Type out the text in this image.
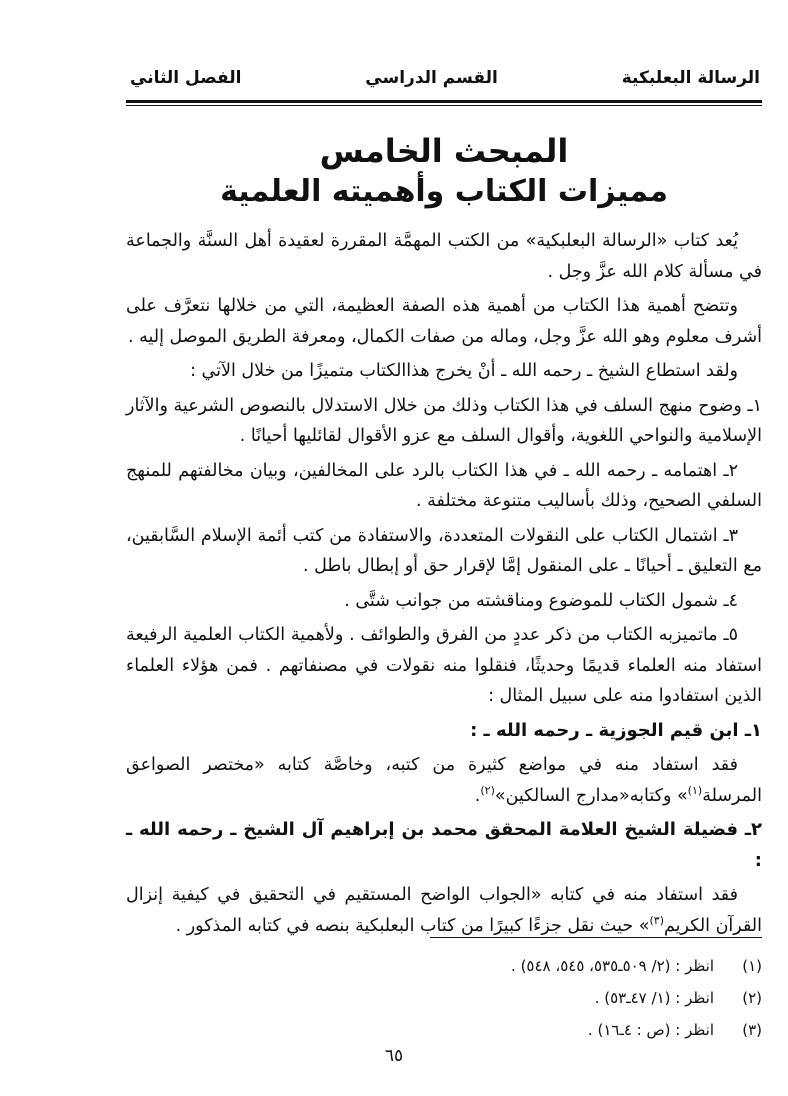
الرسالة البعلبكية
القسم الدراسي
الفصل الثاني
المبحث الخامس
مميزات الكتاب وأهميته العلمية

يُعد كتاب «الرسالة البعلبكية» من الكتب المهمَّة المقررة لعقيدة أهل السنَّة والجماعة في مسألة كلام الله عزَّ وجل .

وتتضح أهمية هذا الكتاب من أهمية هذه الصفة العظيمة، التي من خلالها نتعرَّف على أشرف معلوم وهو الله عزَّ وجل، وماله من صفات الكمال، ومعرفة الطريق الموصل إليه .

ولقد استطاع الشيخ ـ رحمه الله ـ أنْ يخرج هذاالكتاب متميزًا من خلال الآتي :

١ـ وضوح منهج السلف في هذا الكتاب وذلك من خلال الاستدلال بالنصوص الشرعية والآثار الإسلامية والنواحي اللغوية، وأقوال السلف مع عزو الأقوال لقائليها أحيانًا .

٢ـ اهتمامه ـ رحمه الله ـ في هذا الكتاب بالرد على المخالفين، وبيان مخالفتهم للمنهج السلفي الصحيح، وذلك بأساليب متنوعة مختلفة .

٣ـ اشتمال الكتاب على النقولات المتعددة، والاستفادة من كتب أئمة الإسلام السَّابقين، مع التعليق ـ أحيانًا ـ على المنقول إمَّا لإقرار حق أو إبطال باطل .

٤ـ شمول الكتاب للموضوع ومناقشته من جوانب شتَّى .

٥ـ ماتميزبه الكتاب من ذكر عددٍ من الفرق والطوائف . ولأهمية الكتاب العلمية الرفيعة استفاد منه العلماء قديمًا وحديثًا، فنقلوا منه نقولات في مصنفاتهم . فمن هؤلاء العلماء الذين استفادوا منه على سبيل المثال :

١ـ ابن قيم الجوزية ـ رحمه الله ـ :

فقد استفاد منه في مواضع كثيرة من كتبه، وخاصَّة كتابه «مختصر الصواعق المرسلة$^{(١)}$» وكتابه«مدارج السالكين»$^{(٢)}$.

٢ـ فضيلة الشيخ العلامة المحقق محمد بن إبراهيم آل الشيخ ـ رحمه الله ـ :

فقد استفاد منه في كتابه «الجواب الواضح المستقيم في التحقيق في كيفية إنزال القرآن الكريم$^{(٣)}$» حيث نقل جزءًا كبيرًا من كتاب البعلبكية بنصه في كتابه المذكور .

(١)
انظر : (٢/ ٥٠٩ـ٥٣٥، ٥٤٥، ٥٤٨) .
(٢)
انظر : (١/ ٤٧ـ٥٣) .
(٣)
انظر : (ص : ٤ـ١٦) .
٦٥
